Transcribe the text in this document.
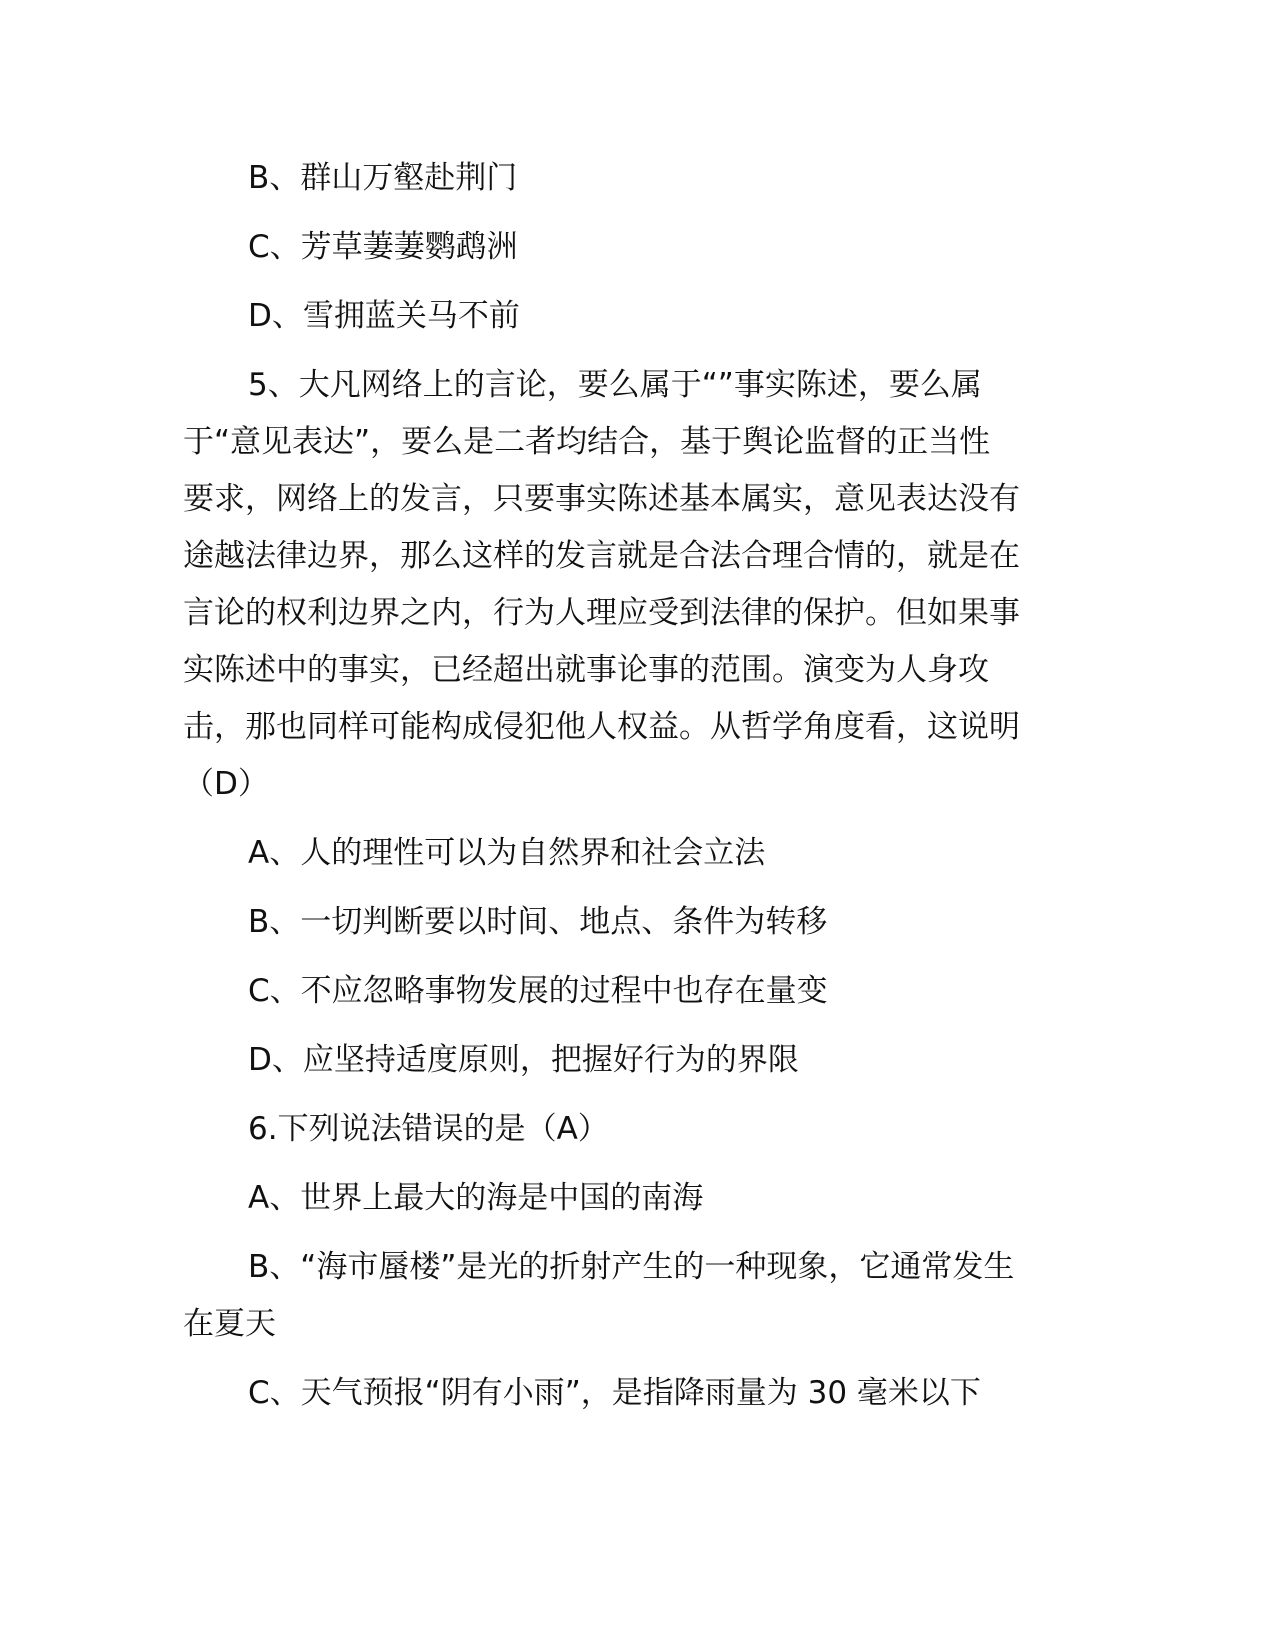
B、群山万壑赴荆门
C、芳草萋萋鹦鹉洲
D、雪拥蓝关马不前
5、大凡网络上的言论，要么属于“”事实陈述，要么属
于“意见表达”，要么是二者均结合，基于舆论监督的正当性
要求，网络上的发言，只要事实陈述基本属实，意见表达没有
途越法律边界，那么这样的发言就是合法合理合情的，就是在
言论的权利边界之内，行为人理应受到法律的保护。但如果事
实陈述中的事实，已经超出就事论事的范围。演变为人身攻
击，那也同样可能构成侵犯他人权益。从哲学角度看，这说明
（D）
A、人的理性可以为自然界和社会立法
B、一切判断要以时间、地点、条件为转移
C、不应忽略事物发展的过程中也存在量变
D、应坚持适度原则，把握好行为的界限
6.下列说法错误的是（A）
A、世界上最大的海是中国的南海
B、“海市蜃楼”是光的折射产生的一种现象，它通常发生
在夏天
C、天气预报“阴有小雨”，是指降雨量为 30 毫米以下
